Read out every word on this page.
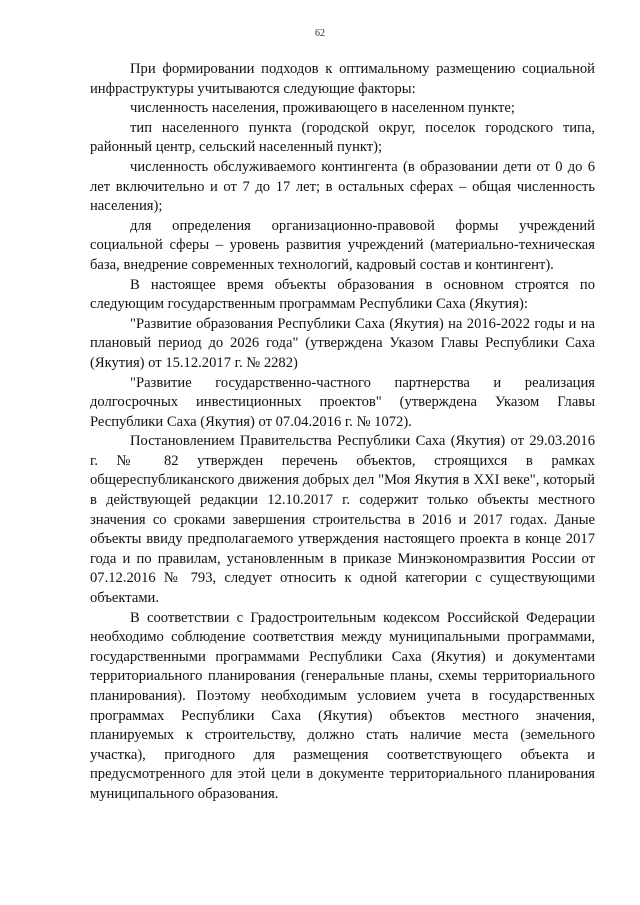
62

При формировании подходов к оптимальному размещению социальной инфраструктуры учитываются следующие факторы:

численность населения, проживающего в населенном пункте;

тип населенного пункта (городской округ, поселок городского типа, районный центр, сельский населенный пункт);

численность обслуживаемого контингента (в образовании дети от 0 до 6 лет включительно и от 7 до 17 лет; в остальных сферах – общая численность населения);

для определения организационно-правовой формы учреждений социальной сферы – уровень развития учреждений (материально-техническая база, внедрение современных технологий, кадровый состав и контингент).

В настоящее время объекты образования в основном строятся по следующим государственным программам Республики Саха (Якутия):

"Развитие образования Республики Саха (Якутия) на 2016-2022 годы и на плановый период до 2026 года" (утверждена Указом Главы Республики Саха (Якутия) от 15.12.2017 г. № 2282)

"Развитие государственно-частного партнерства и реализация долгосрочных инвестиционных проектов" (утверждена Указом Главы Республики Саха (Якутия) от 07.04.2016 г. № 1072).

Постановлением Правительства Республики Саха (Якутия) от 29.03.2016 г. № 82 утвержден перечень объектов, строящихся в рамках общереспубликанского движения добрых дел "Моя Якутия в XXI веке", который в действующей редакции 12.10.2017 г. содержит только объекты местного значения со сроками завершения строительства в 2016 и 2017 годах. Даные объекты ввиду предполагаемого утверждения настоящего проекта в конце 2017 года и по правилам, установленным в приказе Минэкономразвития России от 07.12.2016 № 793, следует относить к одной категории с существующими объектами.

В соответствии с Градостроительным кодексом Российской Федерации необходимо соблюдение соответствия между муниципальными программами, государственными программами Республики Саха (Якутия) и документами территориального планирования (генеральные планы, схемы территориального планирования). Поэтому необходимым условием учета в государственных программах Республики Саха (Якутия) объектов местного значения, планируемых к строительству, должно стать наличие места (земельного участка), пригодного для размещения соответствующего объекта и предусмотренного для этой цели в документе территориального планирования муниципального образования.
